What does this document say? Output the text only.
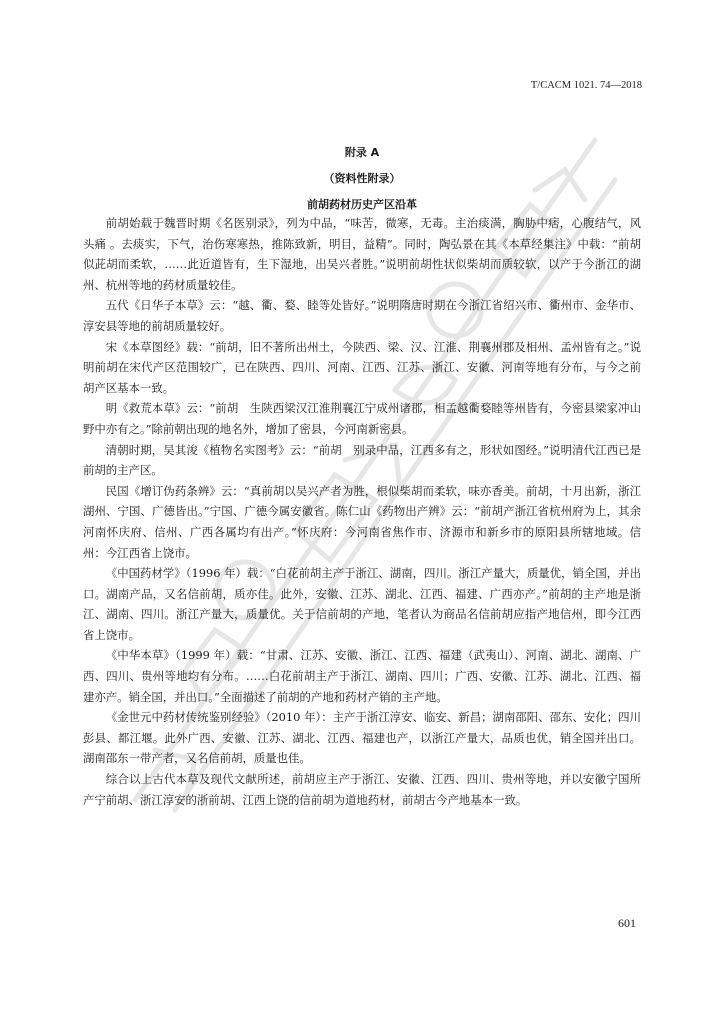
T/CACM 1021. 74—2018

附录 A

（资料性附录）

前胡药材历史产区沿革

前胡始载于魏晋时期《名医别录》，列为中品，“味苦，微寒，无毒。主治痰满，胸胁中痞，心腹结气，风头痛 。去痰实，下气，治伤寒寒热，推陈致新，明目，益精”。同时，陶弘景在其《本草经集注》中载：“前胡似茈胡而柔软，……此近道皆有，生下湿地，出吴兴者胜。”说明前胡性状似柴胡而质较软，以产于今浙江的湖州、杭州等地的药材质量较佳。

五代《日华子本草》云：“越、衢、婺、睦等处皆好。”说明隋唐时期在今浙江省绍兴市、衢州市、金华市、淳安县等地的前胡质量较好。

宋《本草图经》载：“前胡，旧不著所出州土，今陕西、梁、汉、江淮、荆襄州郡及相州、孟州皆有之。”说明前胡在宋代产区范围较广，已在陕西、四川、河南、江西、江苏、浙江、安徽、河南等地有分布，与今之前胡产区基本一致。

明《救荒本草》云：“前胡　生陕西梁汉江淮荆襄江宁成州诸郡，相孟越衢婺睦等州皆有，今密县梁家冲山野中亦有之。”除前朝出现的地名外，增加了密县，今河南新密县。

清朝时期，吴其浚《植物名实图考》云：“前胡　别录中品，江西多有之，形状如图经。”说明清代江西已是前胡的主产区。

民国《增订伪药条辨》云：“真前胡以吴兴产者为胜，根似柴胡而柔软，味亦香美。前胡，十月出新，浙江湖州、宁国、广德皆出。”宁国、广德今属安徽省。陈仁山《药物出产辨》云：“前胡产浙江省杭州府为上，其余河南怀庆府、信州、广西各属均有出产。”怀庆府：今河南省焦作市、济源市和新乡市的原阳县所辖地域。信州：今江西省上饶市。

《中国药材学》（1996 年）载：“白花前胡主产于浙江、湖南，四川。浙江产量大，质量优，销全国，并出口。湖南产品，又名信前胡，质亦佳。此外，安徽、江苏、湖北、江西、福建、广西亦产。”前胡的主产地是浙江、湖南、四川。浙江产量大，质量优。关于信前胡的产地，笔者认为商品名信前胡应指产地信州，即今江西省上饶市。

《中华本草》（1999 年）载：“甘肃、江苏、安徽、浙江、江西、福建（武夷山）、河南、湖北、湖南、广西、四川、贵州等地均有分布。……白花前胡主产于浙江、湖南、四川；广西、安徽、江苏、湖北、江西、福建亦产。销全国，并出口。”全面描述了前胡的产地和药材产销的主产地。

《金世元中药材传统鉴别经验》（2010 年）：主产于浙江淳安、临安、新昌；湖南邵阳、邵东、安化；四川彭县、都江堰。此外广西、安徽、江苏、湖北、江西、福建也产，以浙江产量大，品质也优，销全国并出口。湖南邵东一带产者，又名信前胡，质量也佳。

综合以上古代本草及现代文献所述，前胡应主产于浙江、安徽、江西、四川、贵州等地，并以安徽宁国所产宁前胡、浙江淳安的浙前胡、江西上饶的信前胡为道地药材，前胡古今产地基本一致。

601
